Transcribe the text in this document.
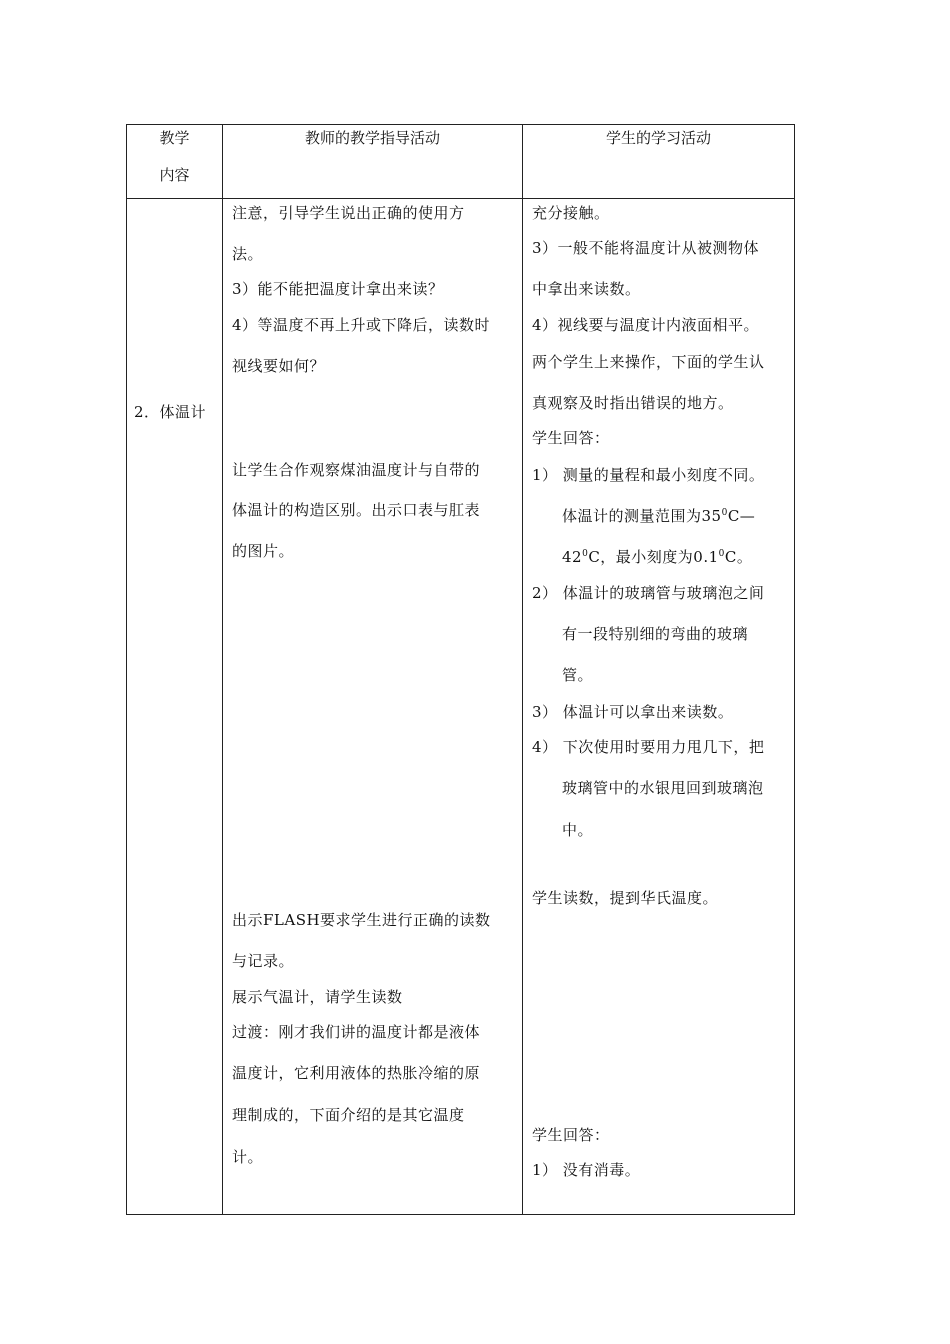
教学
内容
教师的教学指导活动	学生的学习活动
2．体温计
注意，引导学生说出正确的使用方
法。
3）能不能把温度计拿出来读？
4）等温度不再上升或下降后，读数时
视线要如何？
让学生合作观察煤油温度计与自带的
体温计的构造区别。出示口表与肛表
的图片。
出示FLASH要求学生进行正确的读数
与记录。
展示气温计，请学生读数
过渡：刚才我们讲的温度计都是液体
温度计，它利用液体的热胀冷缩的原
理制成的，下面介绍的是其它温度
计。
充分接触。
3）一般不能将温度计从被测物体
中拿出来读数。
4）视线要与温度计内液面相平。
两个学生上来操作，下面的学生认
真观察及时指出错误的地方。
学生回答：
1） 测量的量程和最小刻度不同。
体温计的测量范围为$35^0C—$
$42^0C$，最小刻度为$0.1^0C$。
2） 体温计的玻璃管与玻璃泡之间
有一段特别细的弯曲的玻璃
管。
3） 体温计可以拿出来读数。
4） 下次使用时要用力甩几下，把
玻璃管中的水银甩回到玻璃泡
中。
学生读数，提到华氏温度。
学生回答：
1） 没有消毒。
